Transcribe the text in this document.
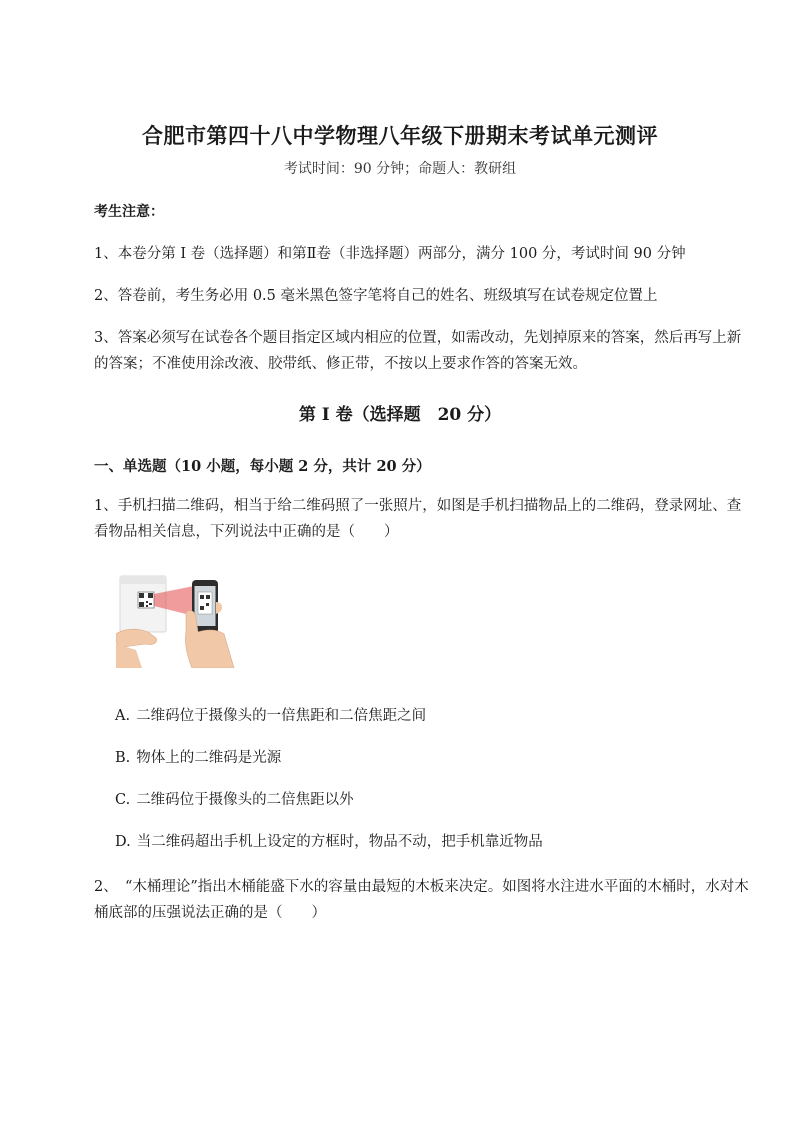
合肥市第四十八中学物理八年级下册期末考试单元测评
考试时间：90 分钟；命题人：教研组
考生注意：
1、本卷分第 I 卷（选择题）和第Ⅱ卷（非选择题）两部分，满分 100 分，考试时间 90 分钟
2、答卷前，考生务必用 0.5 毫米黑色签字笔将自己的姓名、班级填写在试卷规定位置上
3、答案必须写在试卷各个题目指定区域内相应的位置，如需改动，先划掉原来的答案，然后再写上新的答案；不准使用涂改液、胶带纸、修正带，不按以上要求作答的答案无效。
第 I 卷（选择题　20 分）
一、单选题（10 小题，每小题 2 分，共计 20 分）
1、手机扫描二维码，相当于给二维码照了一张照片，如图是手机扫描物品上的二维码，登录网址、查看物品相关信息，下列说法中正确的是（　　）
A. 二维码位于摄像头的一倍焦距和二倍焦距之间
B. 物体上的二维码是光源
C. 二维码位于摄像头的二倍焦距以外
D. 当二维码超出手机上设定的方框时，物品不动，把手机靠近物品
2、　“木桶理论”指出木桶能盛下水的容量由最短的木板来决定。如图将水注进水平面的木桶时，水对木桶底部的压强说法正确的是（　　）
